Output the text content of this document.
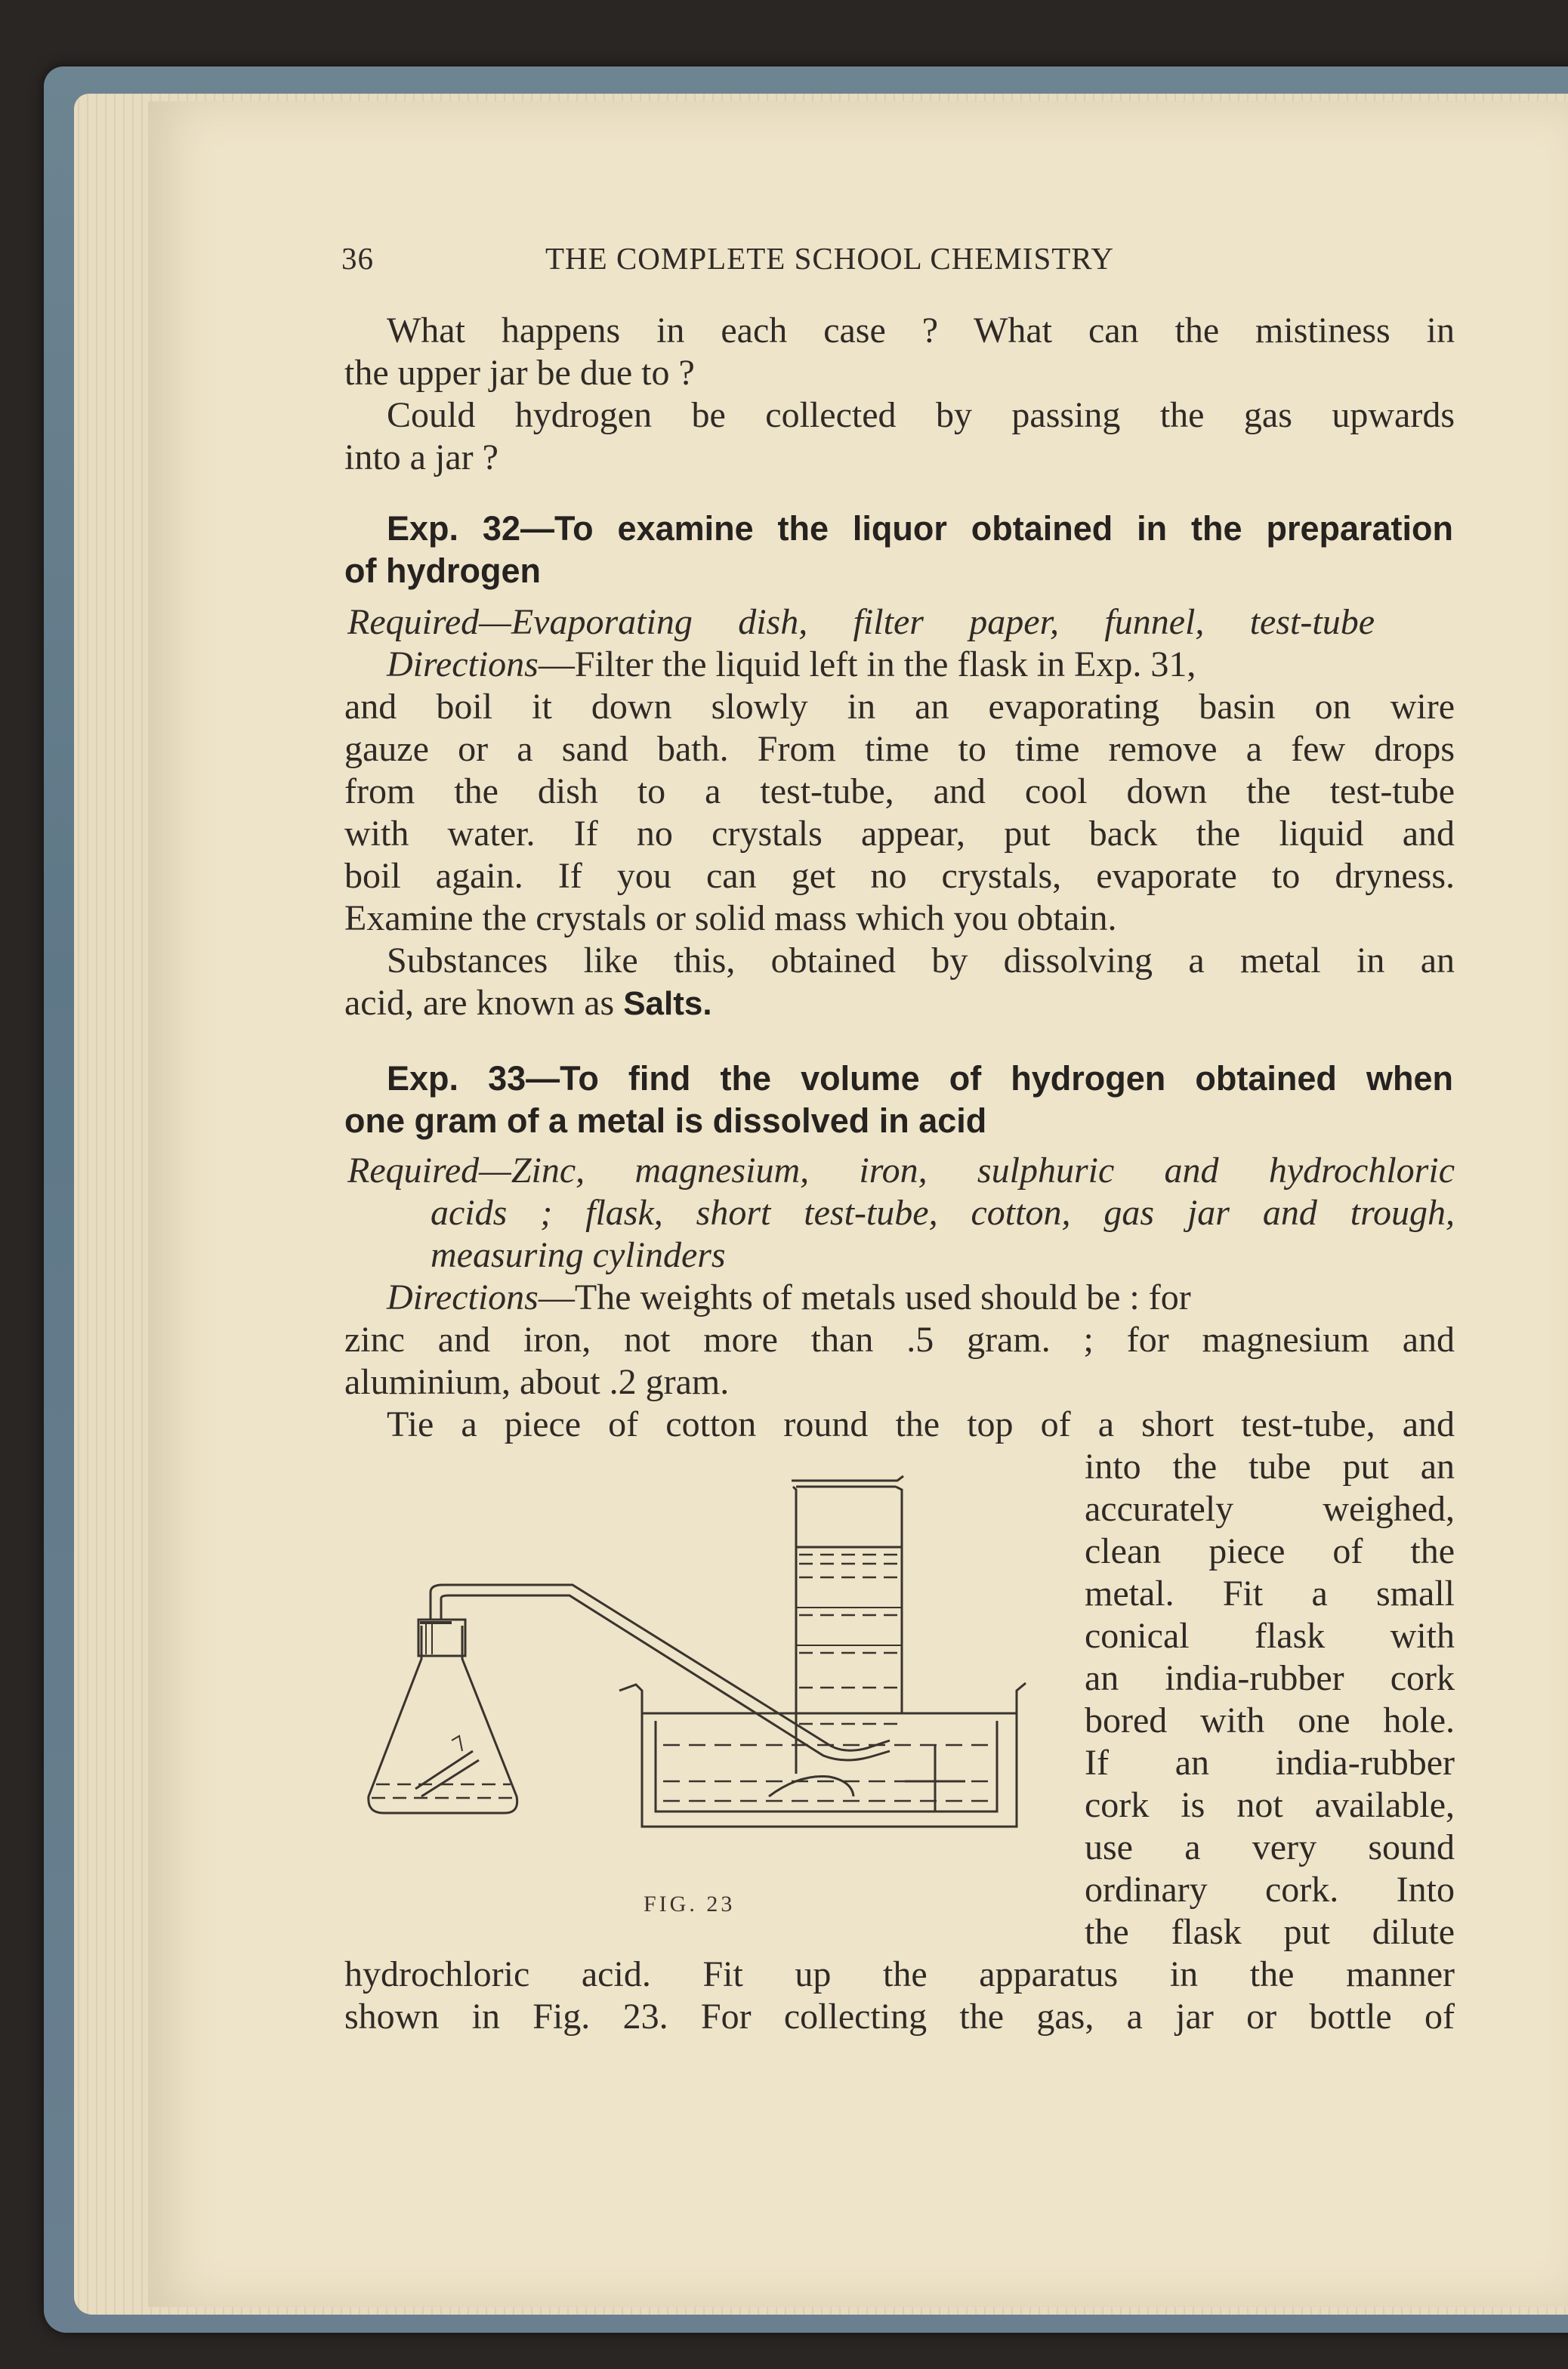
36	THE COMPLETE SCHOOL CHEMISTRY
What happens in each case ? What can the mistiness in
the upper jar be due to ?
Could hydrogen be collected by passing the gas upwards
into a jar ?
Exp. 32—To examine the liquor obtained in the preparation
of hydrogen
Required—Evaporating dish, filter paper, funnel, test-tube
Directions—Filter the liquid left in the flask in Exp. 31,
and boil it down slowly in an evaporating basin on wire
gauze or a sand bath. From time to time remove a few drops
from the dish to a test-tube, and cool down the test-tube
with water. If no crystals appear, put back the liquid and
boil again. If you can get no crystals, evaporate to dryness.
Examine the crystals or solid mass which you obtain.
Substances like this, obtained by dissolving a metal in an
acid, are known as Salts.
Exp. 33—To find the volume of hydrogen obtained when
one gram of a metal is dissolved in acid
Required—Zinc, magnesium, iron, sulphuric and hydrochloric
acids ; flask, short test-tube, cotton, gas jar and trough,
measuring cylinders
Directions—The weights of metals used should be : for
zinc and iron, not more than .5 gram. ; for magnesium and
aluminium, about .2 gram.
Tie a piece of cotton round the top of a short test-tube, and
into the tube put an
accurately weighed,
clean piece of the
metal. Fit a small
conical flask with
an india-rubber cork
bored with one hole.
If an india-rubber
cork is not available,
use a very sound
ordinary cork. Into
the flask put dilute
FIG. 23
hydrochloric acid. Fit up the apparatus in the manner
shown in Fig. 23. For collecting the gas, a jar or bottle of
